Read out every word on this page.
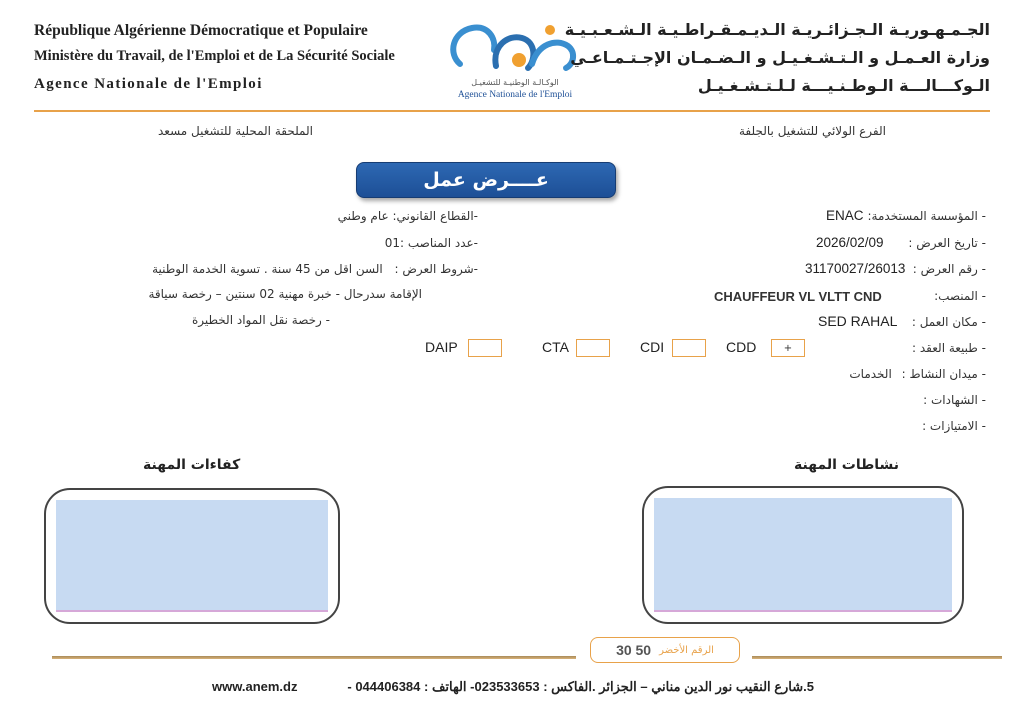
République Algérienne Démocratique et Populaire
Ministère du Travail, de l'Emploi et de La Sécurité Sociale
Agence Nationale de l'Emploi	الوكـالـة الوطنيـة للتشغيـل
Agence Nationale de l'Emploi
الجـمـهـوريـة الـجـزائـريـة الـديـمـقـراطـيـة الـشـعـبـيـة
وزارة العـمـل و الـتـشـغـيـل و الـضـمـان الإجـتـمـاعـي
الـوكـــالـــة الـوطـنـيـــة لـلـتـشـغـيـل
الفرع الولائي للتشغيل بالجلفة
الملحقة المحلية للتشغيل مسعد
عــــرض عمل
- المؤسسة المستخدمة:
ENAC
- تاريخ العرض :
2026/02/09
- رقم العرض :
31170027/26013
- المنصب:
CHAUFFEUR VL VLTT CND
- مكان العمل :
SED RAHAL
- طبيعة العقد :
DAIP	CTA	CDI	CDD	+
- ميدان النشاط : الخدمات
- الشهادات :
- الامتيازات :
-القطاع القانوني: عام وطني
-عدد المناصب :01
-شروط العرض : السن اقل من 45 سنة . تسوية الخدمة الوطنية
الإقامة سدرحال - خبرة مهنية 02 سنتين – رخصة سياقة
- رخصة نقل المواد الخطيرة
نشاطات المهنة
كفاءات المهنة
30 50 الرقم الأخضر
www.anem.dz	5.شارع النقيب نور الدين مناني – الجزائر .الفاكس : 023533653- الهاتف : 044406384 -
